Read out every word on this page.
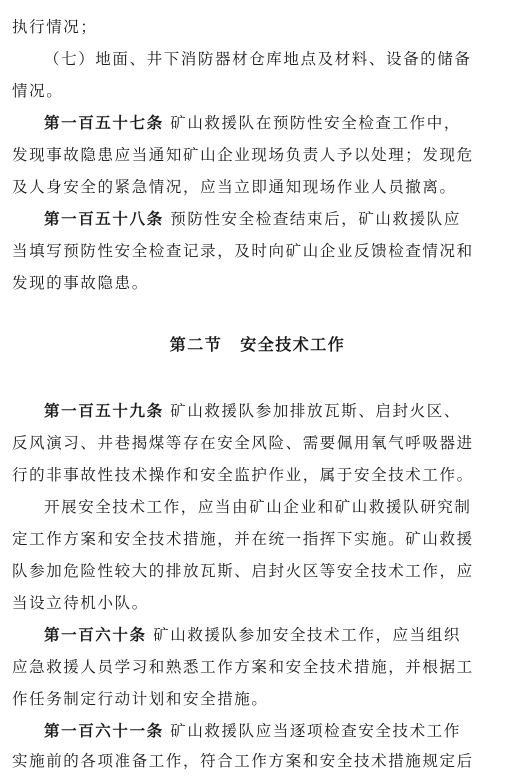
执行情况；
（七）地面、井下消防器材仓库地点及材料、设备的储备
情况。
第一百五十七条 矿山救援队在预防性安全检查工作中，
发现事故隐患应当通知矿山企业现场负责人予以处理；发现危
及人身安全的紧急情况，应当立即通知现场作业人员撤离。
第一百五十八条 预防性安全检查结束后，矿山救援队应
当填写预防性安全检查记录，及时向矿山企业反馈检查情况和
发现的事故隐患。
第二节 安全技术工作
第一百五十九条 矿山救援队参加排放瓦斯、启封火区、
反风演习、井巷揭煤等存在安全风险、需要佩用氧气呼吸器进
行的非事故性技术操作和安全监护作业，属于安全技术工作。
开展安全技术工作，应当由矿山企业和矿山救援队研究制
定工作方案和安全技术措施，并在统一指挥下实施。矿山救援
队参加危险性较大的排放瓦斯、启封火区等安全技术工作，应
当设立待机小队。
第一百六十条 矿山救援队参加安全技术工作，应当组织
应急救援人员学习和熟悉工作方案和安全技术措施，并根据工
作任务制定行动计划和安全措施。
第一百六十一条 矿山救援队应当逐项检查安全技术工作
实施前的各项准备工作，符合工作方案和安全技术措施规定后
